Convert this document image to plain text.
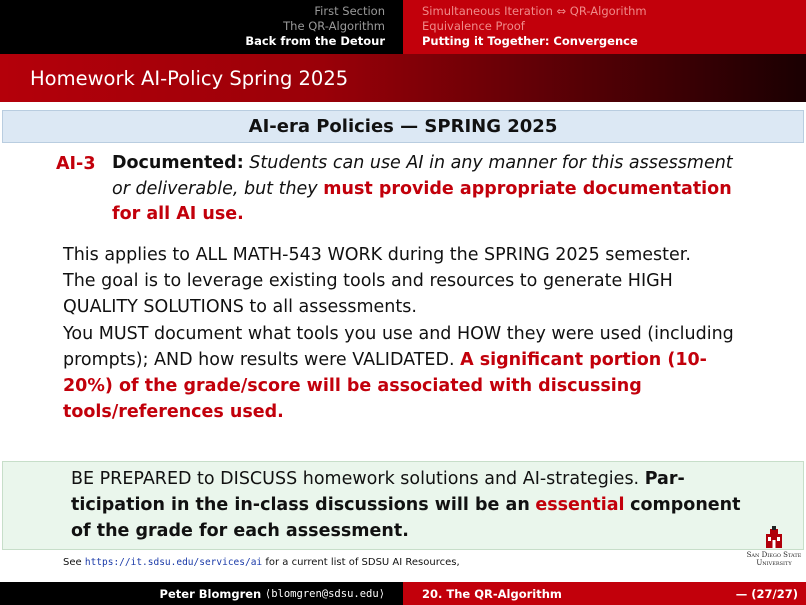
First Section
The QR-Algorithm
Back from the Detour
Simultaneous Iteration ⇔ QR-Algorithm
Equivalence Proof
Putting it Together: Convergence
Homework AI-Policy Spring 2025
AI-era Policies — SPRING 2025
AI-3 Documented: Students can use AI in any manner for this assessment or deliverable, but they must provide appropriate documentation for all AI use.

This applies to ALL MATH-543 WORK during the SPRING 2025 semester.

The goal is to leverage existing tools and resources to generate HIGH QUALITY SOLUTIONS to all assessments.

You MUST document what tools you use and HOW they were used (including prompts); AND how results were VALIDATED. A significant portion (10-20%) of the grade/score will be associated with discussing tools/references used.

BE PREPARED to DISCUSS homework solutions and AI-strategies. Par-ticipation in the in-class discussions will be an essential component of the grade for each assessment.
See https://it.sdsu.edu/services/ai for a current list of SDSU AI Resources,
San Diego State
University
Peter Blomgren
⟨blomgren@sdsu.edu⟩	20. The QR-Algorithm	— (27/27)
